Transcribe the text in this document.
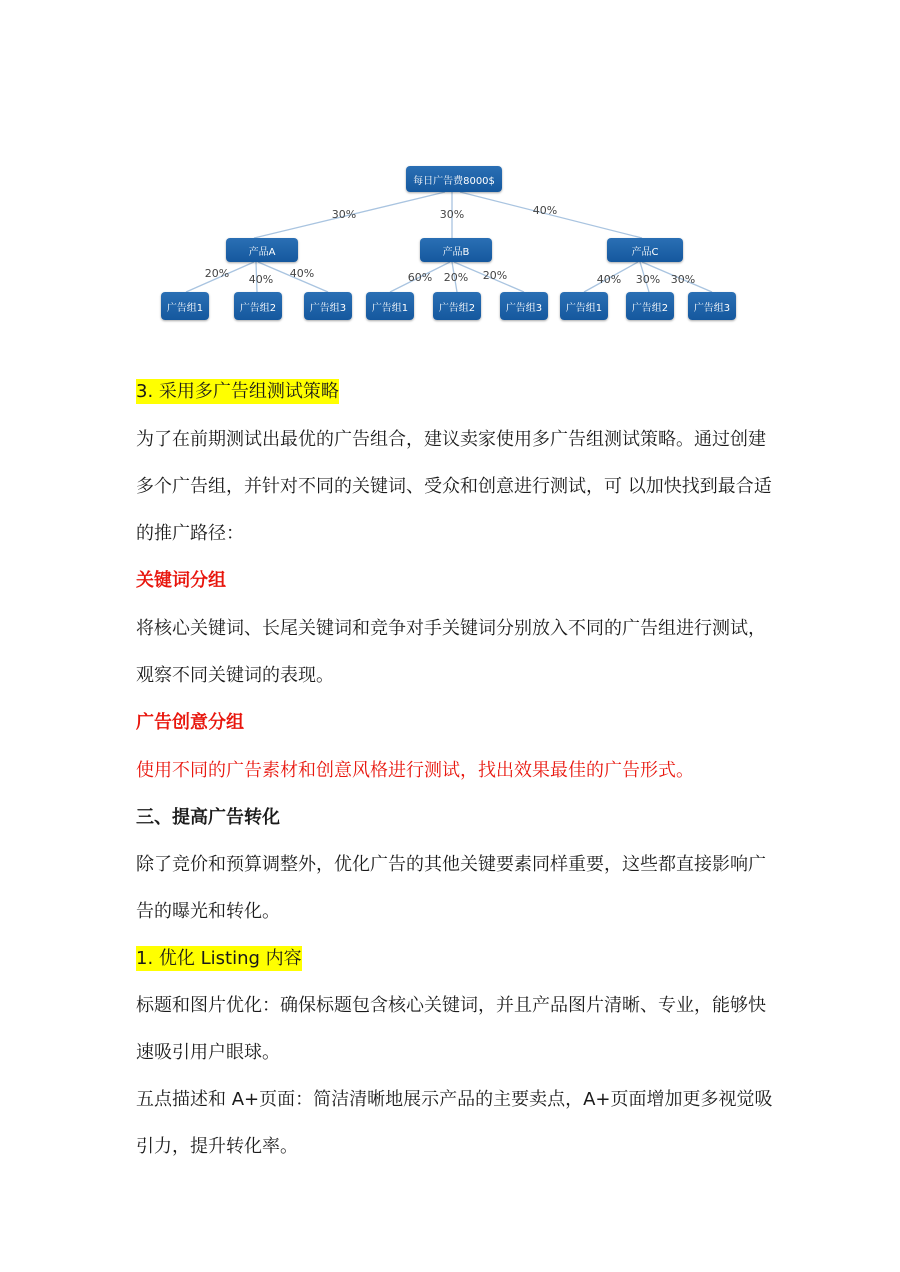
每日广告费8000$
30%	30%	40%
产品A	产品B	产品C
20% 40% 40%	60% 20% 20%	40% 30% 30%
广告组1	广告组2	广告组3	广告组1	广告组2	广告组3	广告组1	广告组2	广告组3

3. 采用多广告组测试策略

为了在前期测试出最优的广告组合，建议卖家使用多广告组测试策略。通过创建多个广告组，并针对不同的关键词、受众和创意进行测试，可 以加快找到最合适的推广路径：

关键词分组

将核心关键词、长尾关键词和竞争对手关键词分别放入不同的广告组进行测试，观察不同关键词的表现。

广告创意分组

使用不同的广告素材和创意风格进行测试，找出效果最佳的广告形式。

三、提高广告转化

除了竞价和预算调整外，优化广告的其他关键要素同样重要，这些都直接影响广告的曝光和转化。

1. 优化 Listing 内容

标题和图片优化：确保标题包含核心关键词，并且产品图片清晰、专业，能够快速吸引用户眼球。

五点描述和 A+页面：简洁清晰地展示产品的主要卖点，A+页面增加更多视觉吸引力，提升转化率。
